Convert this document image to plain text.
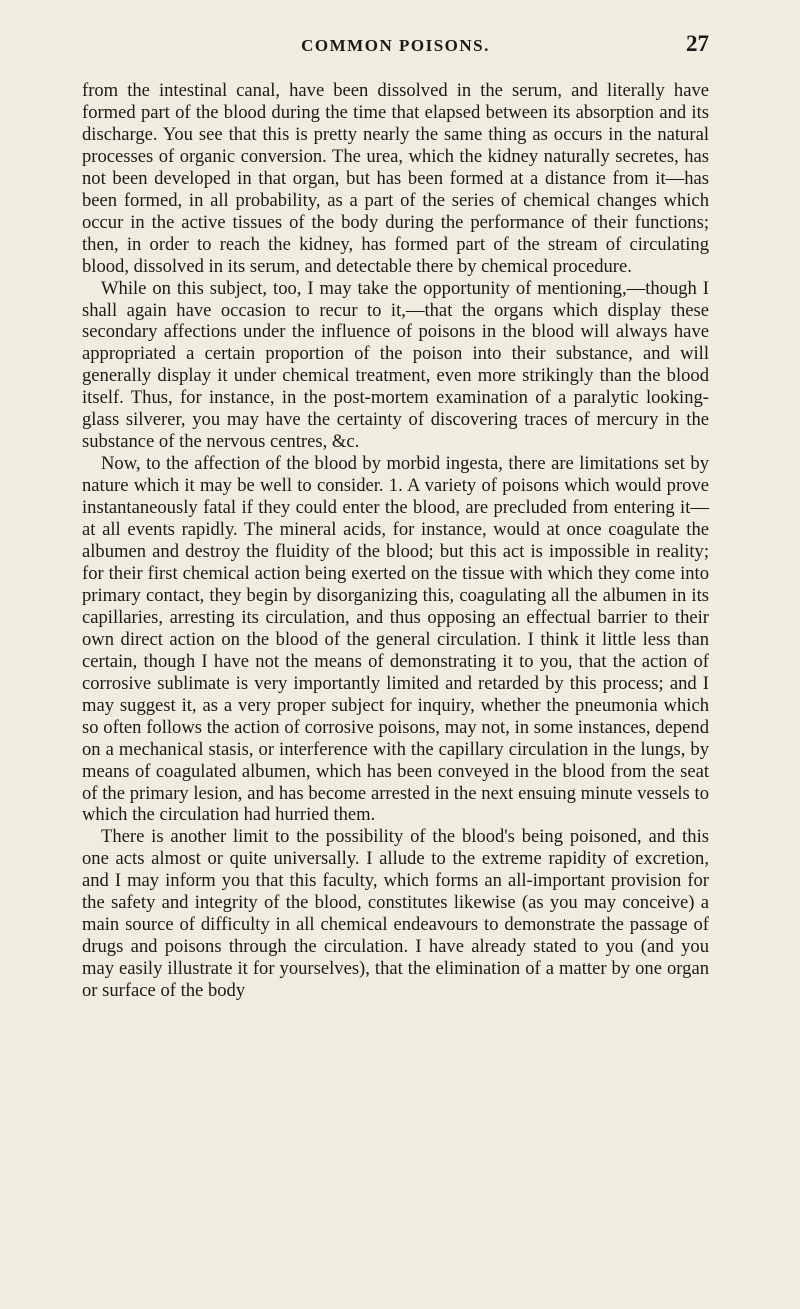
COMMON POISONS.	27

from the intestinal canal, have been dissolved in the serum, and literally have formed part of the blood during the time that elapsed between its absorption and its discharge. You see that this is pretty nearly the same thing as occurs in the natural processes of organic conversion. The urea, which the kidney naturally secretes, has not been developed in that organ, but has been formed at a distance from it—has been formed, in all probability, as a part of the series of chemical changes which occur in the active tissues of the body during the performance of their functions; then, in order to reach the kidney, has formed part of the stream of circulating blood, dissolved in its serum, and detectable there by chemical procedure.

While on this subject, too, I may take the opportunity of mentioning,—though I shall again have occasion to recur to it,—that the organs which display these secondary affections under the influence of poisons in the blood will always have appropriated a certain proportion of the poison into their substance, and will generally display it under chemical treatment, even more strikingly than the blood itself. Thus, for instance, in the post-mortem examination of a paralytic looking-glass silverer, you may have the certainty of discovering traces of mercury in the substance of the nervous centres, &c.

Now, to the affection of the blood by morbid ingesta, there are limitations set by nature which it may be well to consider. 1. A variety of poisons which would prove instantaneously fatal if they could enter the blood, are precluded from entering it—at all events rapidly. The mineral acids, for instance, would at once coagulate the albumen and destroy the fluidity of the blood; but this act is impossible in reality; for their first chemical action being exerted on the tissue with which they come into primary contact, they begin by disorganizing this, coagulating all the albumen in its capillaries, arresting its circulation, and thus opposing an effectual barrier to their own direct action on the blood of the general circulation. I think it little less than certain, though I have not the means of demonstrating it to you, that the action of corrosive sublimate is very importantly limited and retarded by this process; and I may suggest it, as a very proper subject for inquiry, whether the pneumonia which so often follows the action of corrosive poisons, may not, in some instances, depend on a mechanical stasis, or interference with the capillary circulation in the lungs, by means of coagulated albumen, which has been conveyed in the blood from the seat of the primary lesion, and has become arrested in the next ensuing minute vessels to which the circulation had hurried them.

There is another limit to the possibility of the blood's being poisoned, and this one acts almost or quite universally. I allude to the extreme rapidity of excretion, and I may inform you that this faculty, which forms an all-important provision for the safety and integrity of the blood, constitutes likewise (as you may conceive) a main source of difficulty in all chemical endeavours to demonstrate the passage of drugs and poisons through the circulation. I have already stated to you (and you may easily illustrate it for yourselves), that the elimination of a matter by one organ or surface of the body
